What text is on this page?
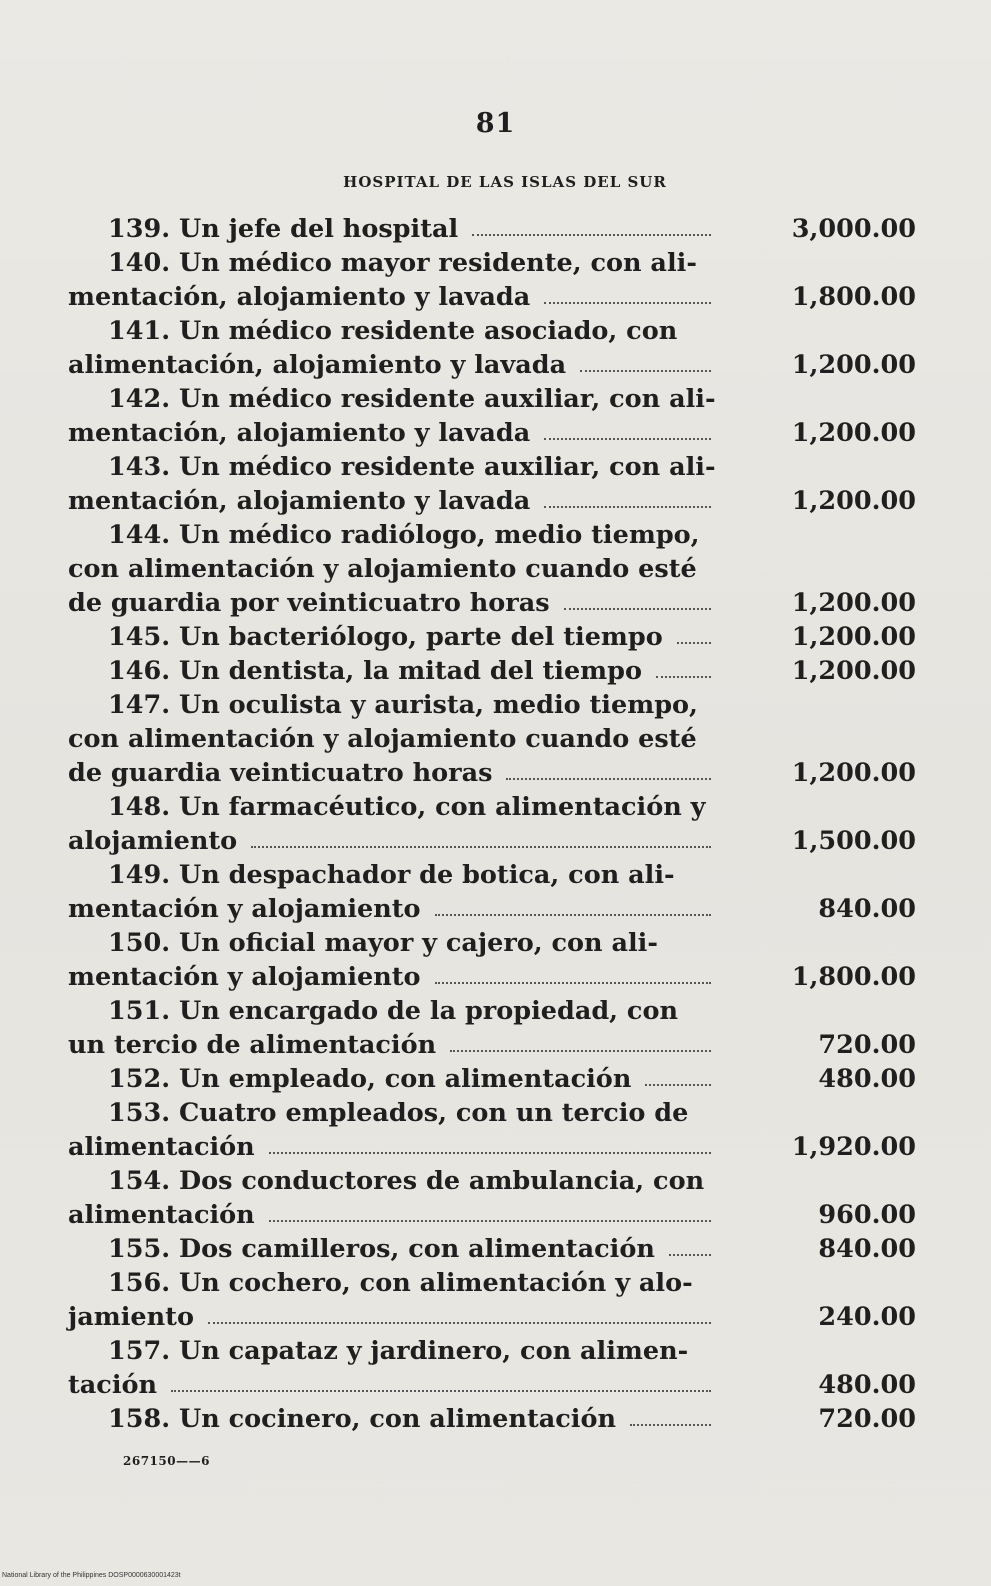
81
HOSPITAL DE LAS ISLAS DEL SUR
139. Un jefe del hospital	3,000.00
140. Un médico mayor residente, con ali-
mentación, alojamiento y lavada	1,800.00
141. Un médico residente asociado, con
alimentación, alojamiento y lavada	1,200.00
142. Un médico residente auxiliar, con ali-
mentación, alojamiento y lavada	1,200.00
143. Un médico residente auxiliar, con ali-
mentación, alojamiento y lavada	1,200.00
144. Un médico radiólogo, medio tiempo,
con alimentación y alojamiento cuando esté
de guardia por veinticuatro horas	1,200.00
145. Un bacteriólogo, parte del tiempo	1,200.00
146. Un dentista, la mitad del tiempo	1,200.00
147. Un oculista y aurista, medio tiempo,
con alimentación y alojamiento cuando esté
de guardia veinticuatro horas	1,200.00
148. Un farmacéutico, con alimentación y
alojamiento	1,500.00
149. Un despachador de botica, con ali-
mentación y alojamiento	840.00
150. Un oficial mayor y cajero, con ali-
mentación y alojamiento	1,800.00
151. Un encargado de la propiedad, con
un tercio de alimentación	720.00
152. Un empleado, con alimentación	480.00
153. Cuatro empleados, con un tercio de
alimentación	1,920.00
154. Dos conductores de ambulancia, con
alimentación	960.00
155. Dos camilleros, con alimentación	840.00
156. Un cochero, con alimentación y alo-
jamiento	240.00
157. Un capataz y jardinero, con alimen-
tación	480.00
158. Un cocinero, con alimentación	720.00
267150——6
National Library of the Philippines DOSP0000630001423t
